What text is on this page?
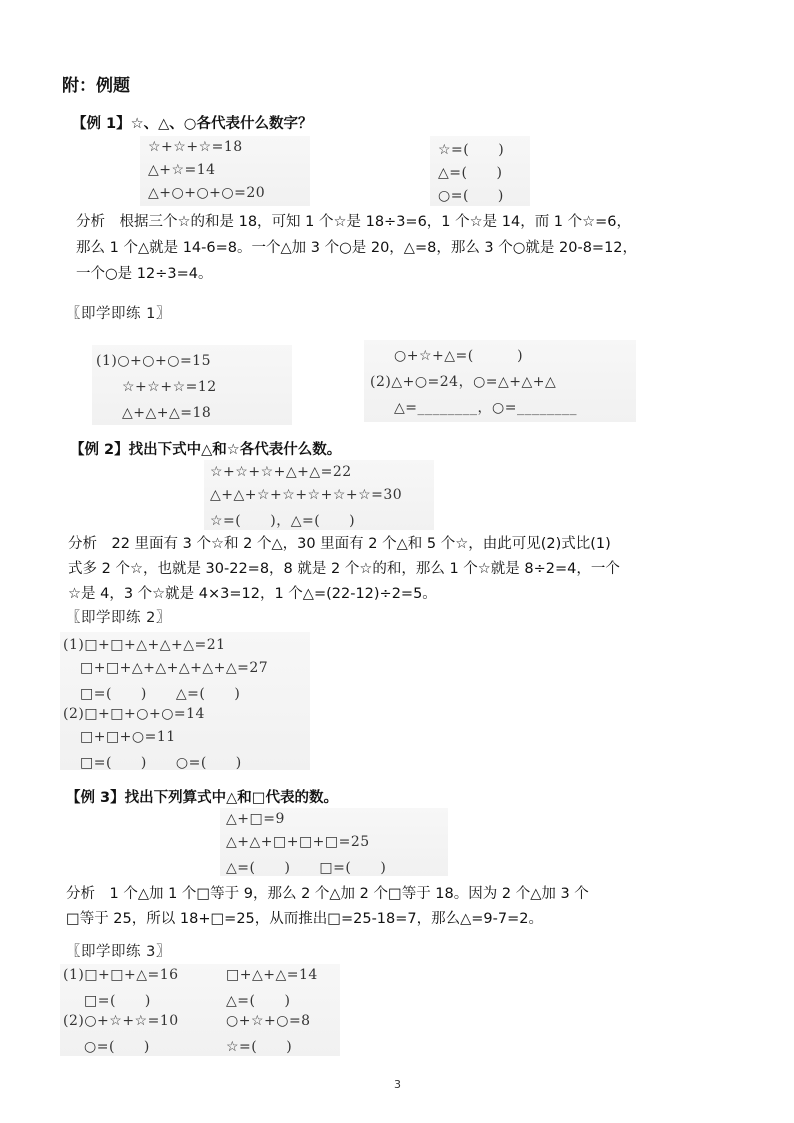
附：例题
【例 1】☆、△、○各代表什么数字？
☆+☆+☆=18
△+☆=14
△+○+○+○=20
☆=(　　)
△=(　　)
○=(　　)
分析　根据三个☆的和是 18，可知 1 个☆是 18÷3=6，1 个☆是 14，而 1 个☆=6，
那么 1 个△就是 14-6=8。一个△加 3 个○是 20，△=8，那么 3 个○就是 20-8=12，
一个○是 12÷3=4。
〖即学即练 1〗
(1)○+○+○=15
☆+☆+☆=12
△+△+△=18
○+☆+△=(　　　)
(2)△+○=24，○=△+△+△
△=________，○=________
【例 2】找出下式中△和☆各代表什么数。
☆+☆+☆+△+△=22
△+△+☆+☆+☆+☆+☆=30
☆=(　　)，△=(　　)
分析　22 里面有 3 个☆和 2 个△，30 里面有 2 个△和 5 个☆，由此可见(2)式比(1)
式多 2 个☆，也就是 30-22=8，8 就是 2 个☆的和，那么 1 个☆就是 8÷2=4，一个
☆是 4，3 个☆就是 4×3=12，1 个△=(22-12)÷2=5。
〖即学即练 2〗
(1)□+□+△+△+△=21
□+□+△+△+△+△+△=27
□=(　　)　　△=(　　)
(2)□+□+○+○=14
□+□+○=11
□=(　　)　　○=(　　)
【例 3】找出下列算式中△和□代表的数。
△+□=9
△+△+□+□+□=25
△=(　　)　　□=(　　)
分析　1 个△加 1 个□等于 9，那么 2 个△加 2 个□等于 18。因为 2 个△加 3 个
□等于 25，所以 18+□=25，从而推出□=25-18=7，那么△=9-7=2。
〖即学即练 3〗
(1)□+□+△=16
□=(　　)
(2)○+☆+☆=10
○=(　　)
□+△+△=14
△=(　　)
○+☆+○=8
☆=(　　)
3
